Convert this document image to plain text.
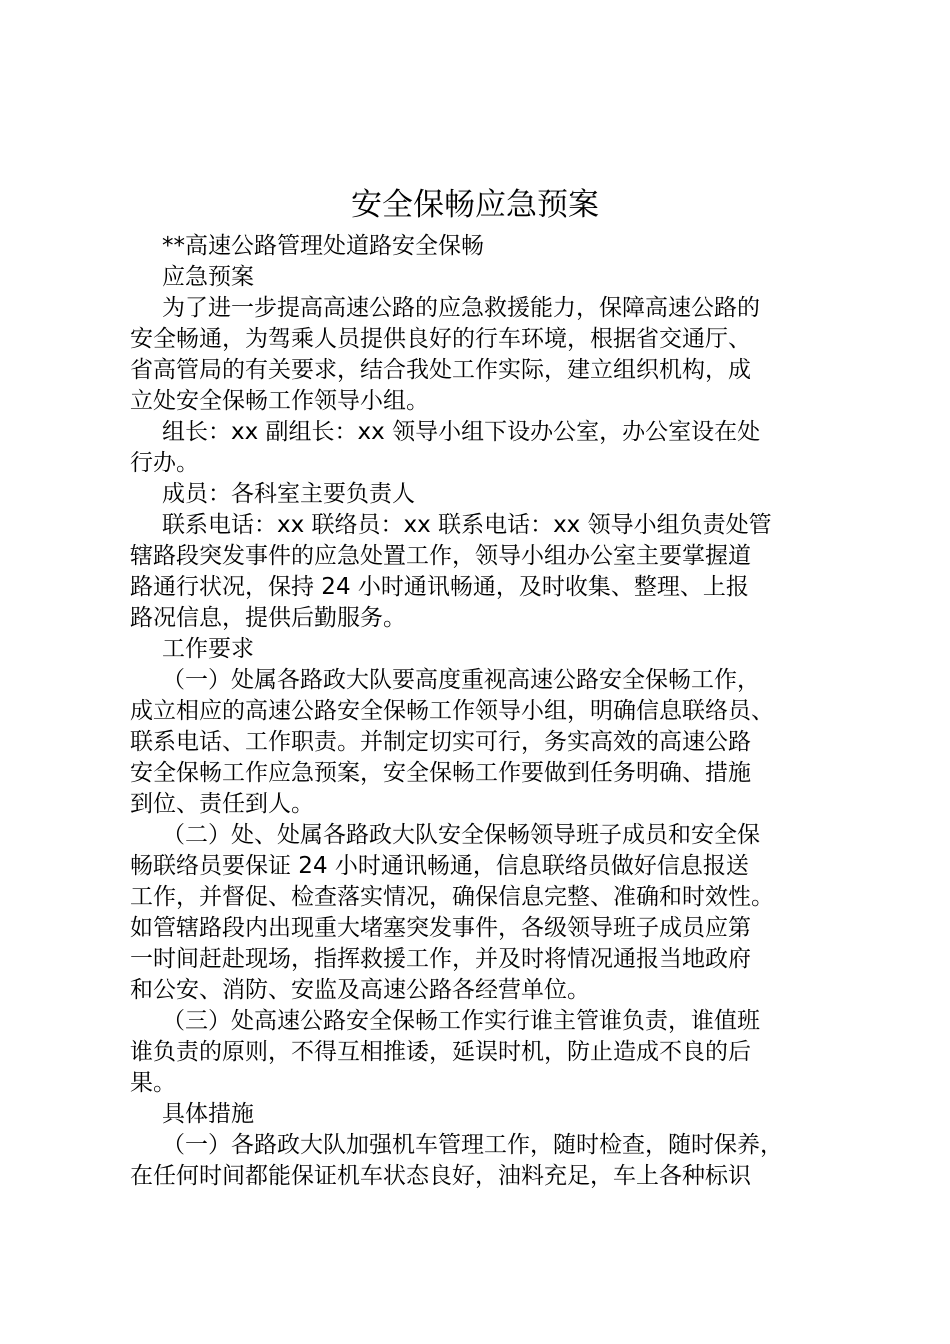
安全保畅应急预案

**高速公路管理处道路安全保畅

应急预案

为了进一步提高高速公路的应急救援能力，保障高速公路的
安全畅通，为驾乘人员提供良好的行车环境，根据省交通厅、
省高管局的有关要求，结合我处工作实际，建立组织机构，成
立处安全保畅工作领导小组。

组长：xx 副组长：xx 领导小组下设办公室，办公室设在处
行办。

成员：各科室主要负责人

联系电话：xx 联络员：xx 联系电话：xx 领导小组负责处管
辖路段突发事件的应急处置工作，领导小组办公室主要掌握道
路通行状况，保持 24 小时通讯畅通，及时收集、整理、上报
路况信息，提供后勤服务。

工作要求

（一）处属各路政大队要高度重视高速公路安全保畅工作，
成立相应的高速公路安全保畅工作领导小组，明确信息联络员、
联系电话、工作职责。并制定切实可行，务实高效的高速公路
安全保畅工作应急预案，安全保畅工作要做到任务明确、措施
到位、责任到人。

（二）处、处属各路政大队安全保畅领导班子成员和安全保
畅联络员要保证 24 小时通讯畅通，信息联络员做好信息报送
工作，并督促、检查落实情况，确保信息完整、准确和时效性。
如管辖路段内出现重大堵塞突发事件，各级领导班子成员应第
一时间赶赴现场，指挥救援工作，并及时将情况通报当地政府
和公安、消防、安监及高速公路各经营单位。

（三）处高速公路安全保畅工作实行谁主管谁负责，谁值班
谁负责的原则，不得互相推诿，延误时机，防止造成不良的后
果。

具体措施

（一）各路政大队加强机车管理工作，随时检查，随时保养，
在任何时间都能保证机车状态良好，油料充足，车上各种标识
